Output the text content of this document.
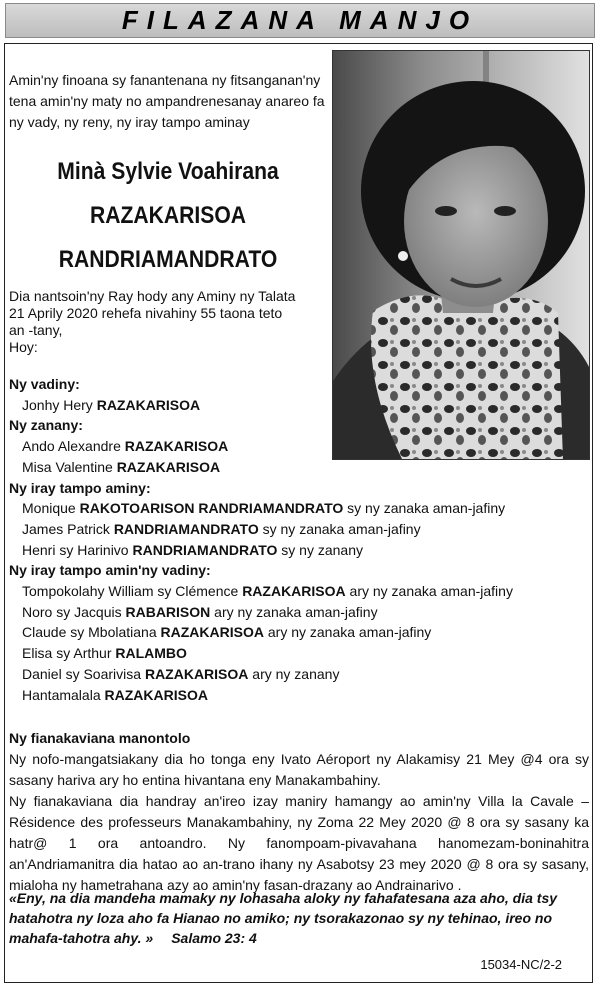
FILAZANA MANJO
Amin'ny finoana sy fanantenana ny fitsanganan'ny tena amin'ny maty no ampandrenesanay anareo fa ny vady, ny reny, ny iray tampo aminay
Minà Sylvie Voahirana
RAZAKARISOA
RANDRIAMANDRATO
Dia nantsoin'ny Ray hody any Aminy ny Talata
21 Aprily 2020 rehefa nivahiny 55 taona teto
an -tany,
Hoy:
Ny vadiny:
Jonhy Hery RAZAKARISOA
Ny zanany:
Ando Alexandre RAZAKARISOA
Misa Valentine RAZAKARISOA
Ny iray tampo aminy:
Monique RAKOTOARISON RANDRIAMANDRATO sy ny zanaka aman-jafiny
James Patrick RANDRIAMANDRATO sy ny zanaka aman-jafiny
Henri sy Harinivo RANDRIAMANDRATO sy ny zanany
Ny iray tampo amin'ny vadiny:
Tompokolahy William sy Clémence RAZAKARISOA ary ny zanaka aman-jafiny
Noro sy Jacquis RABARISON ary ny zanaka aman-jafiny
Claude sy Mbolatiana RAZAKARISOA ary ny zanaka aman-jafiny
Elisa sy Arthur RALAMBO
Daniel sy Soarivisa RAZAKARISOA ary ny zanany
Hantamalala RAZAKARISOA
Ny fianakaviana manontolo

Ny nofo-mangatsiakany dia ho tonga eny Ivato Aéroport ny Alakamisy 21 Mey @4 ora sy sasany hariva ary ho entina hivantana eny Manakambahiny.

Ny fianakaviana dia handray an'ireo izay maniry hamangy ao amin'ny Villa la Cavale – Résidence des professeurs Manakambahiny, ny Zoma 22 Mey 2020 @ 8 ora sy sasany ka hatr@ 1 ora antoandro. Ny fanompoam-pivavahana hanomezam-boninahitra an'Andriamanitra dia hatao ao an-trano ihany ny Asabotsy 23 mey 2020 @ 8 ora sy sasany, mialoha ny hametrahana azy ao amin'ny fasan-drazany ao Andrainarivo .

«Eny, na dia mandeha mamaky ny lohasaha aloky ny fahafatesana aza aho, dia tsy hatahotra ny loza aho fa Hianao no amiko; ny tsorakazonao sy ny tehinao, ireo no mahafa-tahotra ahy. » Salamo 23: 4
15034-NC/2-2
